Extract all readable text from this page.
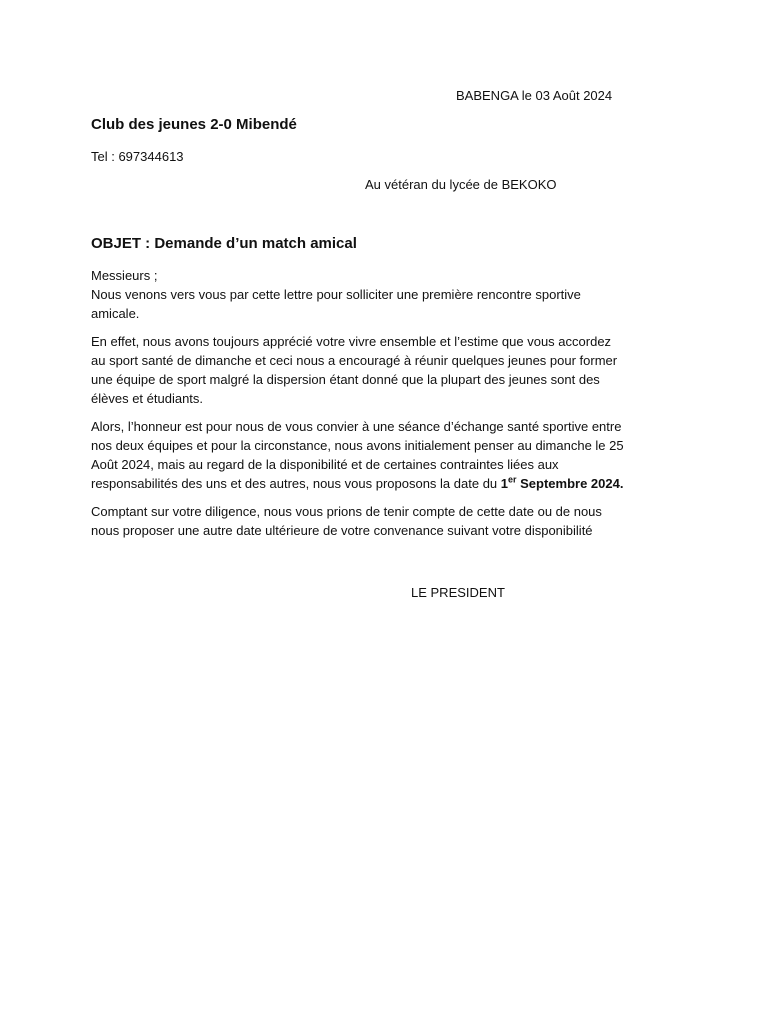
BABENGA le 03 Août 2024
Club des jeunes 2-0 Mibendé
Tel : 697344613
Au vétéran du lycée de BEKOKO
OBJET : Demande d’un match amical

Messieurs ;
Nous venons vers vous par cette lettre pour solliciter une première rencontre sportive
amicale.

En effet, nous avons toujours apprécié votre vivre ensemble et l’estime que vous accordez
au sport santé de dimanche et ceci nous a encouragé à réunir quelques jeunes pour former
une équipe de sport malgré la dispersion étant donné que la plupart des jeunes sont des
élèves et étudiants.

Alors, l’honneur est pour nous de vous convier à une séance d’échange santé sportive entre
nos deux équipes et pour la circonstance, nous avons initialement penser au dimanche le 25
Août 2024, mais au regard de la disponibilité et de certaines contraintes liées aux
responsabilités des uns et des autres, nous vous proposons la date du 1er Septembre 2024.

Comptant sur votre diligence, nous vous prions de tenir compte de cette date ou de nous
nous proposer une autre date ultérieure de votre convenance suivant votre disponibilité

LE PRESIDENT
